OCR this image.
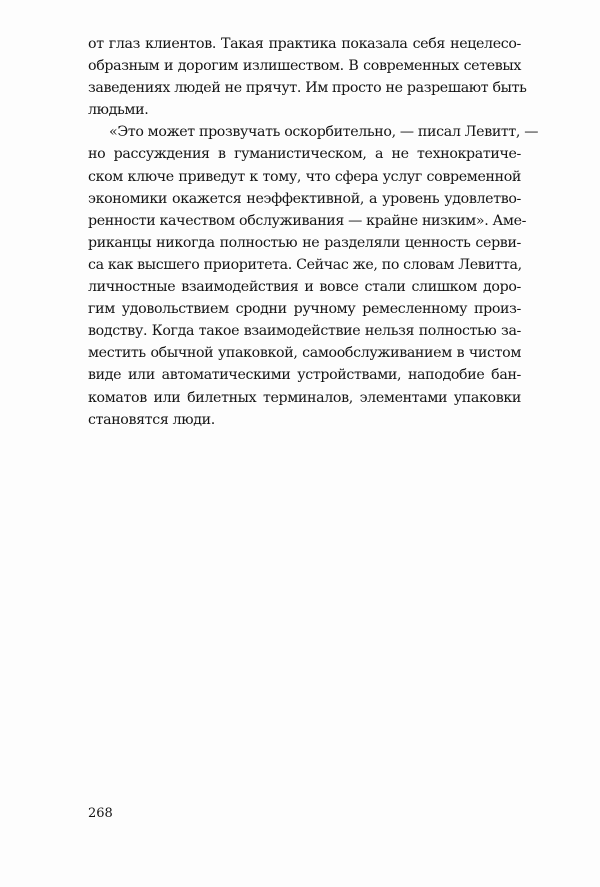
от глаз клиентов. Такая практика показала себя нецелесо-
образным и дорогим излишеством. В современных сетевых
заведениях людей не прячут. Им просто не разрешают быть
людьми.
«Это может прозвучать оскорбительно, — писал Левитт, —
но рассуждения в гуманистическом, а не технократиче-
ском ключе приведут к тому, что сфера услуг современной
экономики окажется неэффективной, а уровень удовлетво-
ренности качеством обслуживания — крайне низким». Аме-
риканцы никогда полностью не разделяли ценность серви-
са как высшего приоритета. Сейчас же, по словам Левитта,
личностные взаимодействия и вовсе стали слишком доро-
гим удовольствием сродни ручному ремесленному произ-
водству. Когда такое взаимодействие нельзя полностью за-
местить обычной упаковкой, самообслуживанием в чистом
виде или автоматическими устройствами, наподобие бан-
коматов или билетных терминалов, элементами упаковки
становятся люди.
268
